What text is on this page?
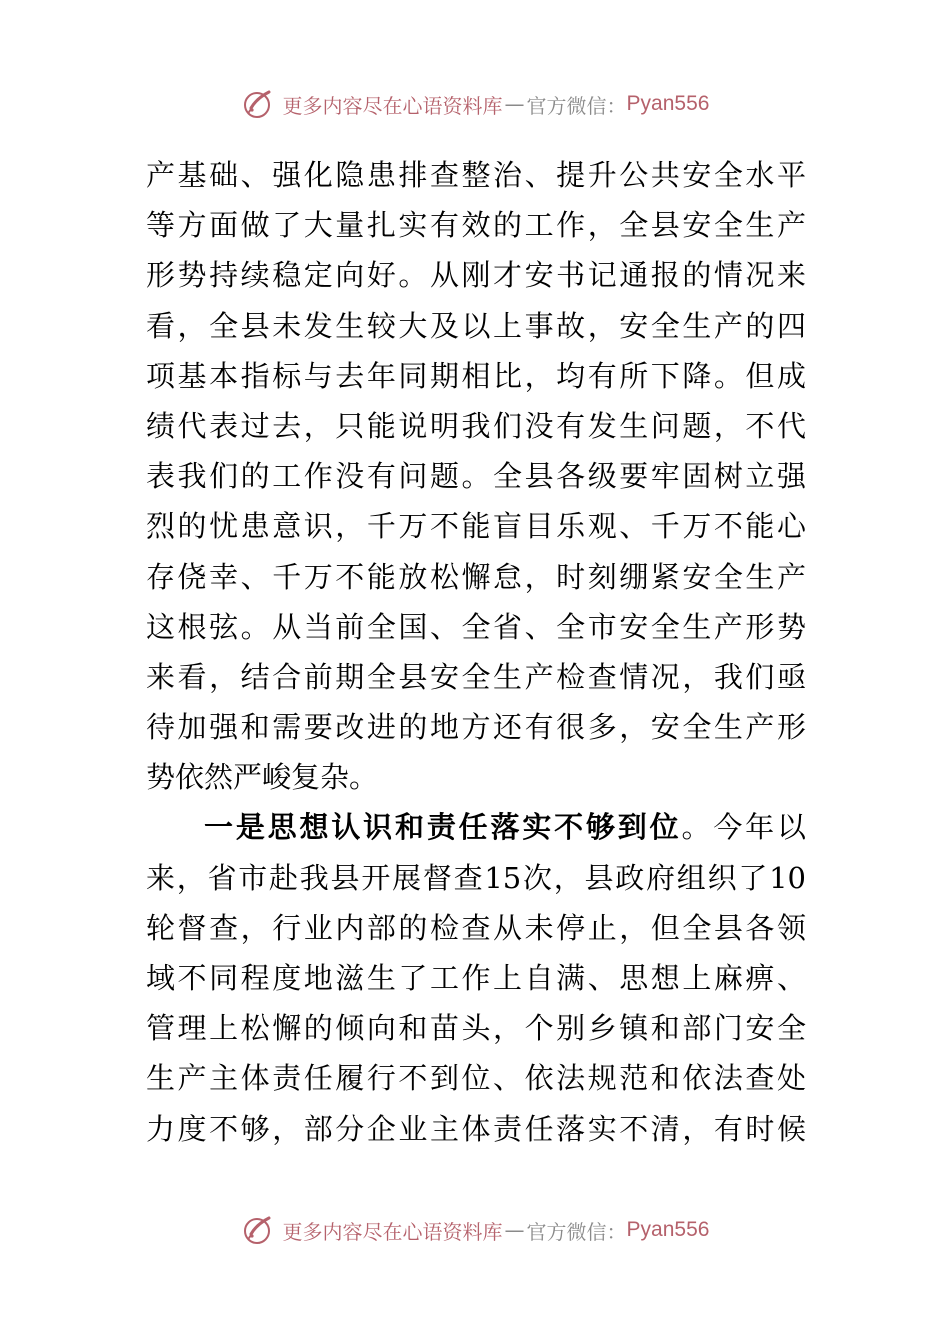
更多内容尽在心语资料库 — 官方微信： Pyan556
产基础、强化隐患排查整治、提升公共安全水平
等方面做了大量扎实有效的工作，全县安全生产
形势持续稳定向好。从刚才安书记通报的情况来
看，全县未发生较大及以上事故，安全生产的四
项基本指标与去年同期相比，均有所下降。但成
绩代表过去，只能说明我们没有发生问题，不代
表我们的工作没有问题。全县各级要牢固树立强
烈的忧患意识，千万不能盲目乐观、千万不能心
存侥幸、千万不能放松懈怠，时刻绷紧安全生产
这根弦。从当前全国、全省、全市安全生产形势
来看，结合前期全县安全生产检查情况，我们亟
待加强和需要改进的地方还有很多，安全生产形
势依然严峻复杂。
一是思想认识和责任落实不够到位。今年以
来，省市赴我县开展督查15次，县政府组织了10
轮督查，行业内部的检查从未停止，但全县各领
域不同程度地滋生了工作上自满、思想上麻痹、
管理上松懈的倾向和苗头，个别乡镇和部门安全
生产主体责任履行不到位、依法规范和依法查处
力度不够，部分企业主体责任落实不清，有时候
更多内容尽在心语资料库 — 官方微信： Pyan556
